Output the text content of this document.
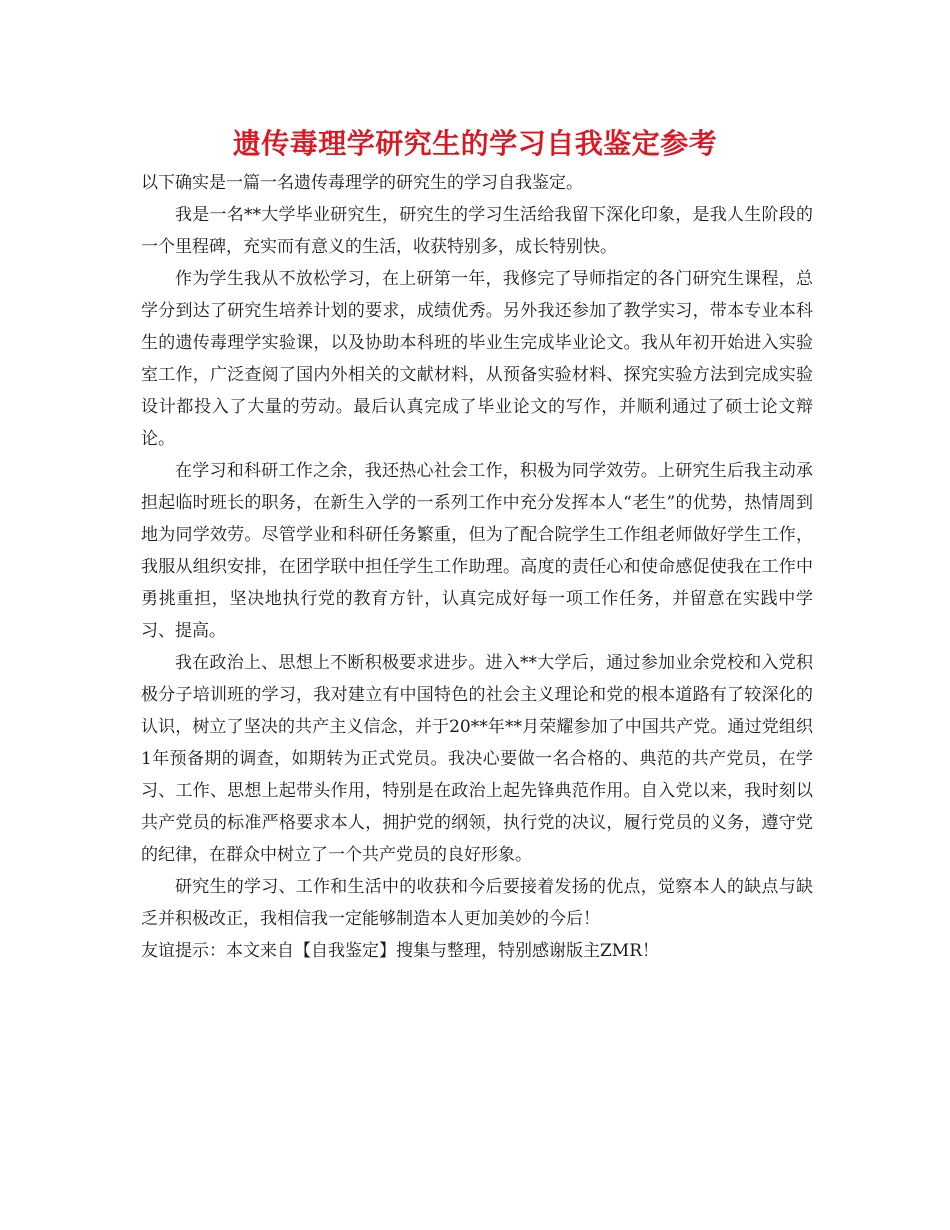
遗传毒理学研究生的学习自我鉴定参考

以下确实是一篇一名遗传毒理学的研究生的学习自我鉴定。

我是一名**大学毕业研究生，研究生的学习生活给我留下深化印象，是我人生阶段的一个里程碑，充实而有意义的生活，收获特别多，成长特别快。

作为学生我从不放松学习，在上研第一年，我修完了导师指定的各门研究生课程，总学分到达了研究生培养计划的要求，成绩优秀。另外我还参加了教学实习，带本专业本科生的遗传毒理学实验课，以及协助本科班的毕业生完成毕业论文。我从年初开始进入实验室工作，广泛查阅了国内外相关的文献材料，从预备实验材料、探究实验方法到完成实验设计都投入了大量的劳动。最后认真完成了毕业论文的写作，并顺利通过了硕士论文辩论。

在学习和科研工作之余，我还热心社会工作，积极为同学效劳。上研究生后我主动承担起临时班长的职务，在新生入学的一系列工作中充分发挥本人“老生”的优势，热情周到地为同学效劳。尽管学业和科研任务繁重，但为了配合院学生工作组老师做好学生工作，我服从组织安排，在团学联中担任学生工作助理。高度的责任心和使命感促使我在工作中勇挑重担，坚决地执行党的教育方针，认真完成好每一项工作任务，并留意在实践中学习、提高。

我在政治上、思想上不断积极要求进步。进入**大学后，通过参加业余党校和入党积极分子培训班的学习，我对建立有中国特色的社会主义理论和党的根本道路有了较深化的认识，树立了坚决的共产主义信念，并于20**年**月荣耀参加了中国共产党。通过党组织1年预备期的调查，如期转为正式党员。我决心要做一名合格的、典范的共产党员，在学习、工作、思想上起带头作用，特别是在政治上起先锋典范作用。自入党以来，我时刻以共产党员的标准严格要求本人，拥护党的纲领，执行党的决议，履行党员的义务，遵守党的纪律，在群众中树立了一个共产党员的良好形象。

研究生的学习、工作和生活中的收获和今后要接着发扬的优点，觉察本人的缺点与缺乏并积极改正，我相信我一定能够制造本人更加美妙的今后！

友谊提示：本文来自【自我鉴定】搜集与整理，特别感谢版主ZMR！
